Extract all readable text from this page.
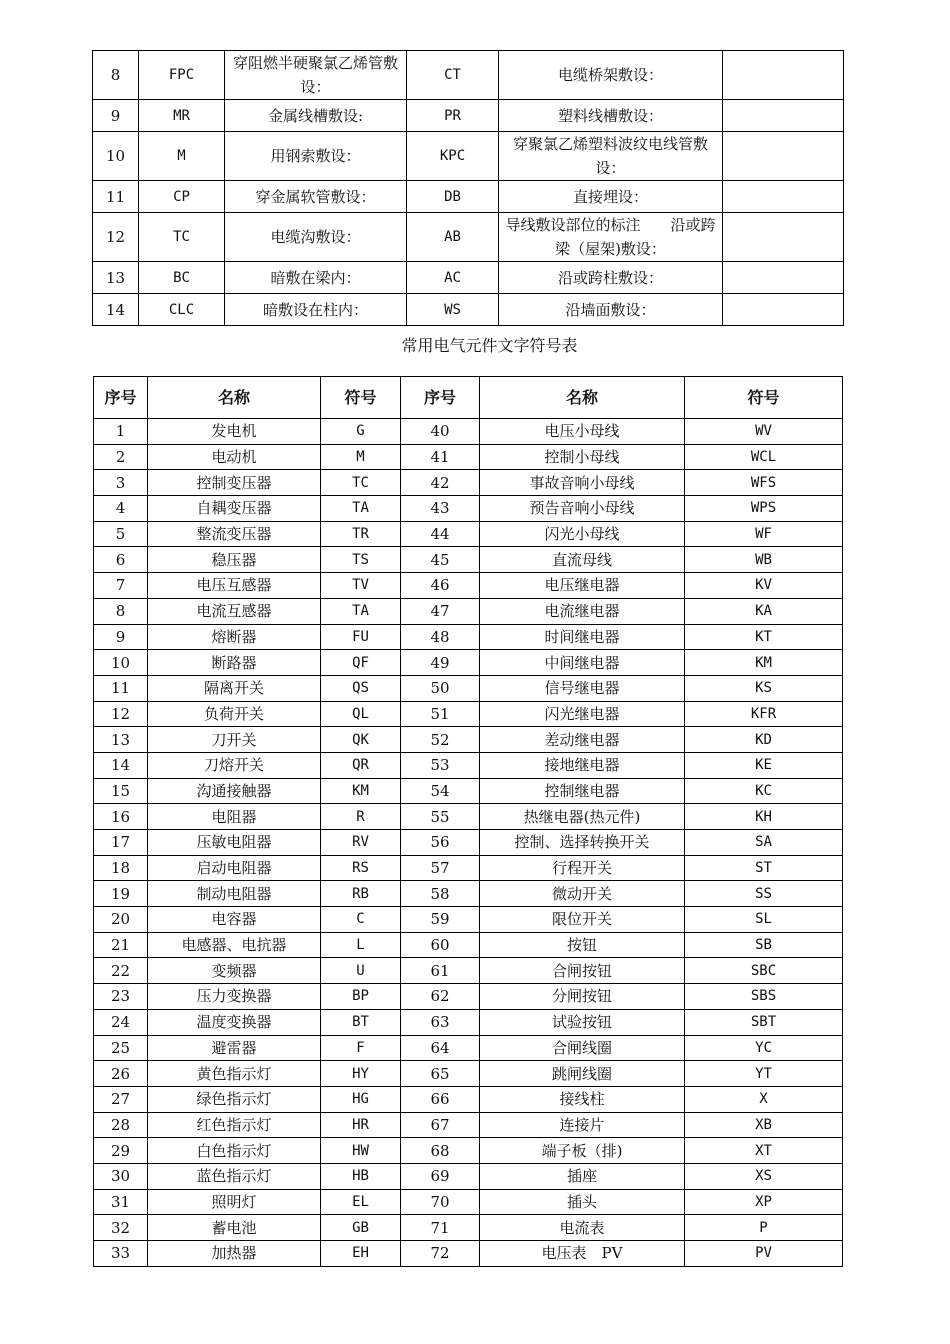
8	FPC	穿阻燃半硬聚氯乙烯管敷设：	CT	电缆桥架敷设：	
9	MR	金属线槽敷设:	PR	塑料线槽敷设：	
10	M	用钢索敷设：	KPC	穿聚氯乙烯塑料波纹电线管敷设：	
11	CP	穿金属软管敷设：	DB	直接埋设：	
12	TC	电缆沟敷设：	AB	导线敷设部位的标注　　沿或跨梁（屋架)敷设：	
13	BC	暗敷在梁内：	AC	沿或跨柱敷设：	
14	CLC	暗敷设在柱内：	WS	沿墙面敷设：	
常用电气元件文字符号表
序号	名称	符号	序号	名称	符号
1	发电机	G	40	电压小母线	WV
2	电动机	M	41	控制小母线	WCL
3	控制变压器	TC	42	事故音响小母线	WFS
4	自耦变压器	TA	43	预告音响小母线	WPS
5	整流变压器	TR	44	闪光小母线	WF
6	稳压器	TS	45	直流母线	WB
7	电压互感器	TV	46	电压继电器	KV
8	电流互感器	TA	47	电流继电器	KA
9	熔断器	FU	48	时间继电器	KT
10	断路器	QF	49	中间继电器	KM
11	隔离开关	QS	50	信号继电器	KS
12	负荷开关	QL	51	闪光继电器	KFR
13	刀开关	QK	52	差动继电器	KD
14	刀熔开关	QR	53	接地继电器	KE
15	沟通接触器	KM	54	控制继电器	KC
16	电阻器	R	55	热继电器(热元件)	KH
17	压敏电阻器	RV	56	控制、选择转换开关	SA
18	启动电阻器	RS	57	行程开关	ST
19	制动电阻器	RB	58	微动开关	SS
20	电容器	C	59	限位开关	SL
21	电感器、电抗器	L	60	按钮	SB
22	变频器	U	61	合闸按钮	SBC
23	压力变换器	BP	62	分闸按钮	SBS
24	温度变换器	BT	63	试验按钮	SBT
25	避雷器	F	64	合闸线圈	YC
26	黄色指示灯	HY	65	跳闸线圈	YT
27	绿色指示灯	HG	66	接线柱	X
28	红色指示灯	HR	67	连接片	XB
29	白色指示灯	HW	68	端子板（排)	XT
30	蓝色指示灯	HB	69	插座	XS
31	照明灯	EL	70	插头	XP
32	蓄电池	GB	71	电流表	P
33	加热器	EH	72	电压表　PV	PV
